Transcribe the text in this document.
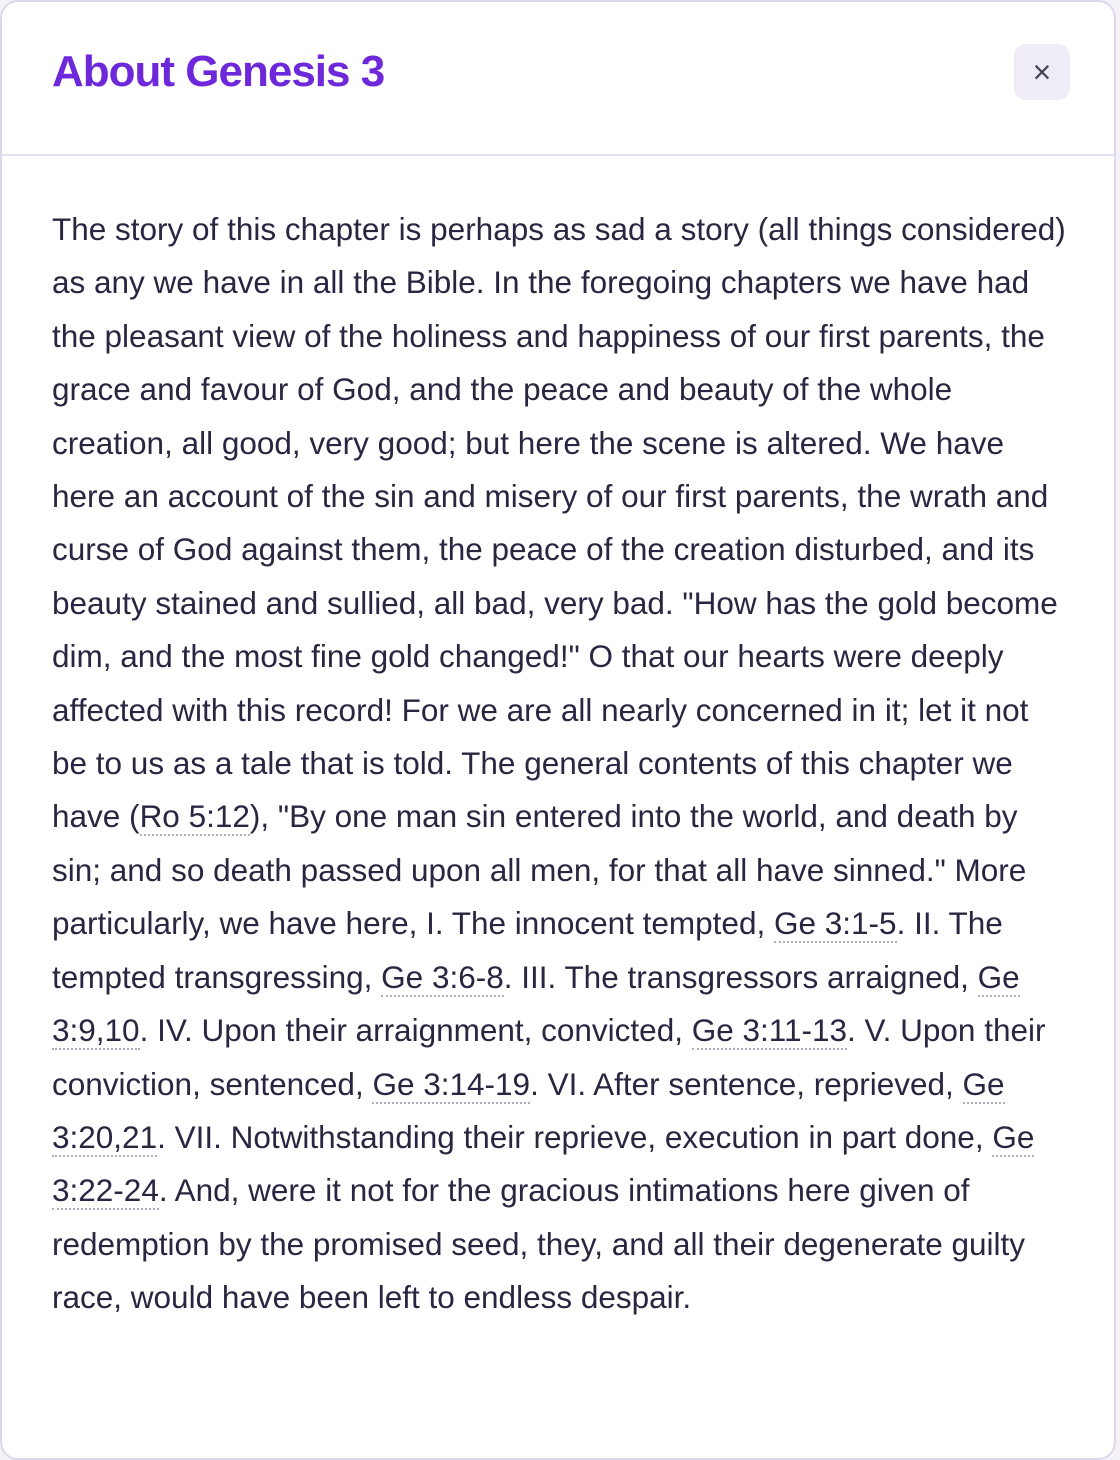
About Genesis 3	×

The story of this chapter is perhaps as sad a story (all things considered) as any we have in all the Bible. In the foregoing chapters we have had the pleasant view of the holiness and happiness of our first parents, the grace and favour of God, and the peace and beauty of the whole creation, all good, very good; but here the scene is altered. We have here an account of the sin and misery of our first parents, the wrath and curse of God against them, the peace of the creation disturbed, and its beauty stained and sullied, all bad, very bad. "How has the gold become dim, and the most fine gold changed!" O that our hearts were deeply affected with this record! For we are all nearly concerned in it; let it not be to us as a tale that is told. The general contents of this chapter we have (Ro 5:12), "By one man sin entered into the world, and death by sin; and so death passed upon all men, for that all have sinned." More particularly, we have here, I. The innocent tempted, Ge 3:1-5. II. The tempted transgressing, Ge 3:6-8. III. The transgressors arraigned, Ge 3:9,10. IV. Upon their arraignment, convicted, Ge 3:11-13. V. Upon their conviction, sentenced, Ge 3:14-19. VI. After sentence, reprieved, Ge 3:20,21. VII. Notwithstanding their reprieve, execution in part done, Ge 3:22-24. And, were it not for the gracious intimations here given of redemption by the promised seed, they, and all their degenerate guilty race, would have been left to endless despair.
